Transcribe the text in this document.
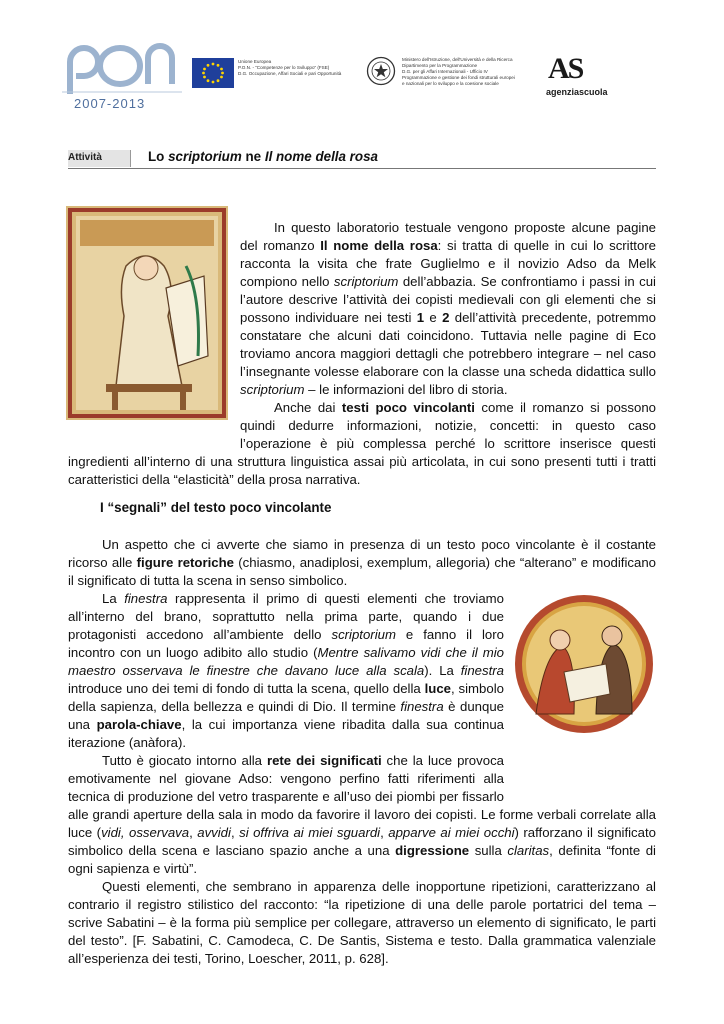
2007-2013
Unione Europea
P.O.N. - “Competenze per lo Sviluppo” (FSE)
D.G. Occupazione, Affari Sociali e pari Opportunità
Ministero dell'Istruzione, dell'Università e della Ricerca
Dipartimento per la Programmazione
D.G. per gli Affari Internazionali - Ufficio IV
Programmazione e gestione dei fondi strutturali europei
e nazionali per lo sviluppo e la coesione sociale	AS
agenziascuola
Attività	Lo scriptorium ne Il nome della rosa

In questo laboratorio testuale vengono proposte alcune pagine del romanzo Il nome della rosa: si tratta di quelle in cui lo scrittore racconta la visita che frate Guglielmo e il novizio Adso da Melk compiono nello scriptorium dell’abbazia. Se confrontiamo i passi in cui l’autore descrive l’attività dei copisti medievali con gli elementi che si possono individuare nei testi 1 e 2 dell’attività precedente, potremmo constatare che alcuni dati coincidono. Tuttavia nelle pagine di Eco troviamo ancora maggiori dettagli che potrebbero integrare – nel caso l’insegnante volesse elaborare con la classe una scheda didattica sullo scriptorium – le informazioni del libro di storia.

Anche dai testi poco vincolanti come il romanzo si possono quindi dedurre informazioni, notizie, concetti: in questo caso l’operazione è più complessa perché lo scrittore inserisce questi ingredienti all’interno di una struttura linguistica assai più articolata, in cui sono presenti tutti i tratti caratteristici della “elasticità” della prosa narrativa.

I “segnali” del testo poco vincolante

Un aspetto che ci avverte che siamo in presenza di un testo poco vincolante è il costante ricorso alle figure retoriche (chiasmo, anadiplosi, exemplum, allegoria) che “alterano” e modificano il significato di tutta la scena in senso simbolico.

La finestra rappresenta il primo di questi elementi che troviamo all’interno del brano, soprattutto nella prima parte, quando i due protagonisti accedono all’ambiente dello scriptorium e fanno il loro incontro con un luogo adibito allo studio (Mentre salivamo vidi che il mio maestro osservava le finestre che davano luce alla scala). La finestra introduce uno dei temi di fondo di tutta la scena, quello della luce, simbolo della sapienza, della bellezza e quindi di Dio. Il termine finestra è dunque una parola-chiave, la cui importanza viene ribadita dalla sua continua iterazione (anàfora).

Tutto è giocato intorno alla rete dei significati che la luce provoca emotivamente nel giovane Adso: vengono perfino fatti riferimenti alla tecnica di produzione del vetro trasparente e all’uso dei piombi per fissarlo alle grandi aperture della sala in modo da favorire il lavoro dei copisti. Le forme verbali correlate alla luce (vidi, osservava, avvidi, si offriva ai miei sguardi, apparve ai miei occhi) rafforzano il significato simbolico della scena e lasciano spazio anche a una digressione sulla claritas, definita “fonte di ogni sapienza e virtù”.

Questi elementi, che sembrano in apparenza delle inopportune ripetizioni, caratterizzano al contrario il registro stilistico del racconto: “la ripetizione di una delle parole portatrici del tema – scrive Sabatini – è la forma più semplice per collegare, attraverso un elemento di significato, le parti del testo”. [F. Sabatini, C. Camodeca, C. De Santis, Sistema e testo. Dalla grammatica valenziale all’esperienza dei testi, Torino, Loescher, 2011, p. 628].
